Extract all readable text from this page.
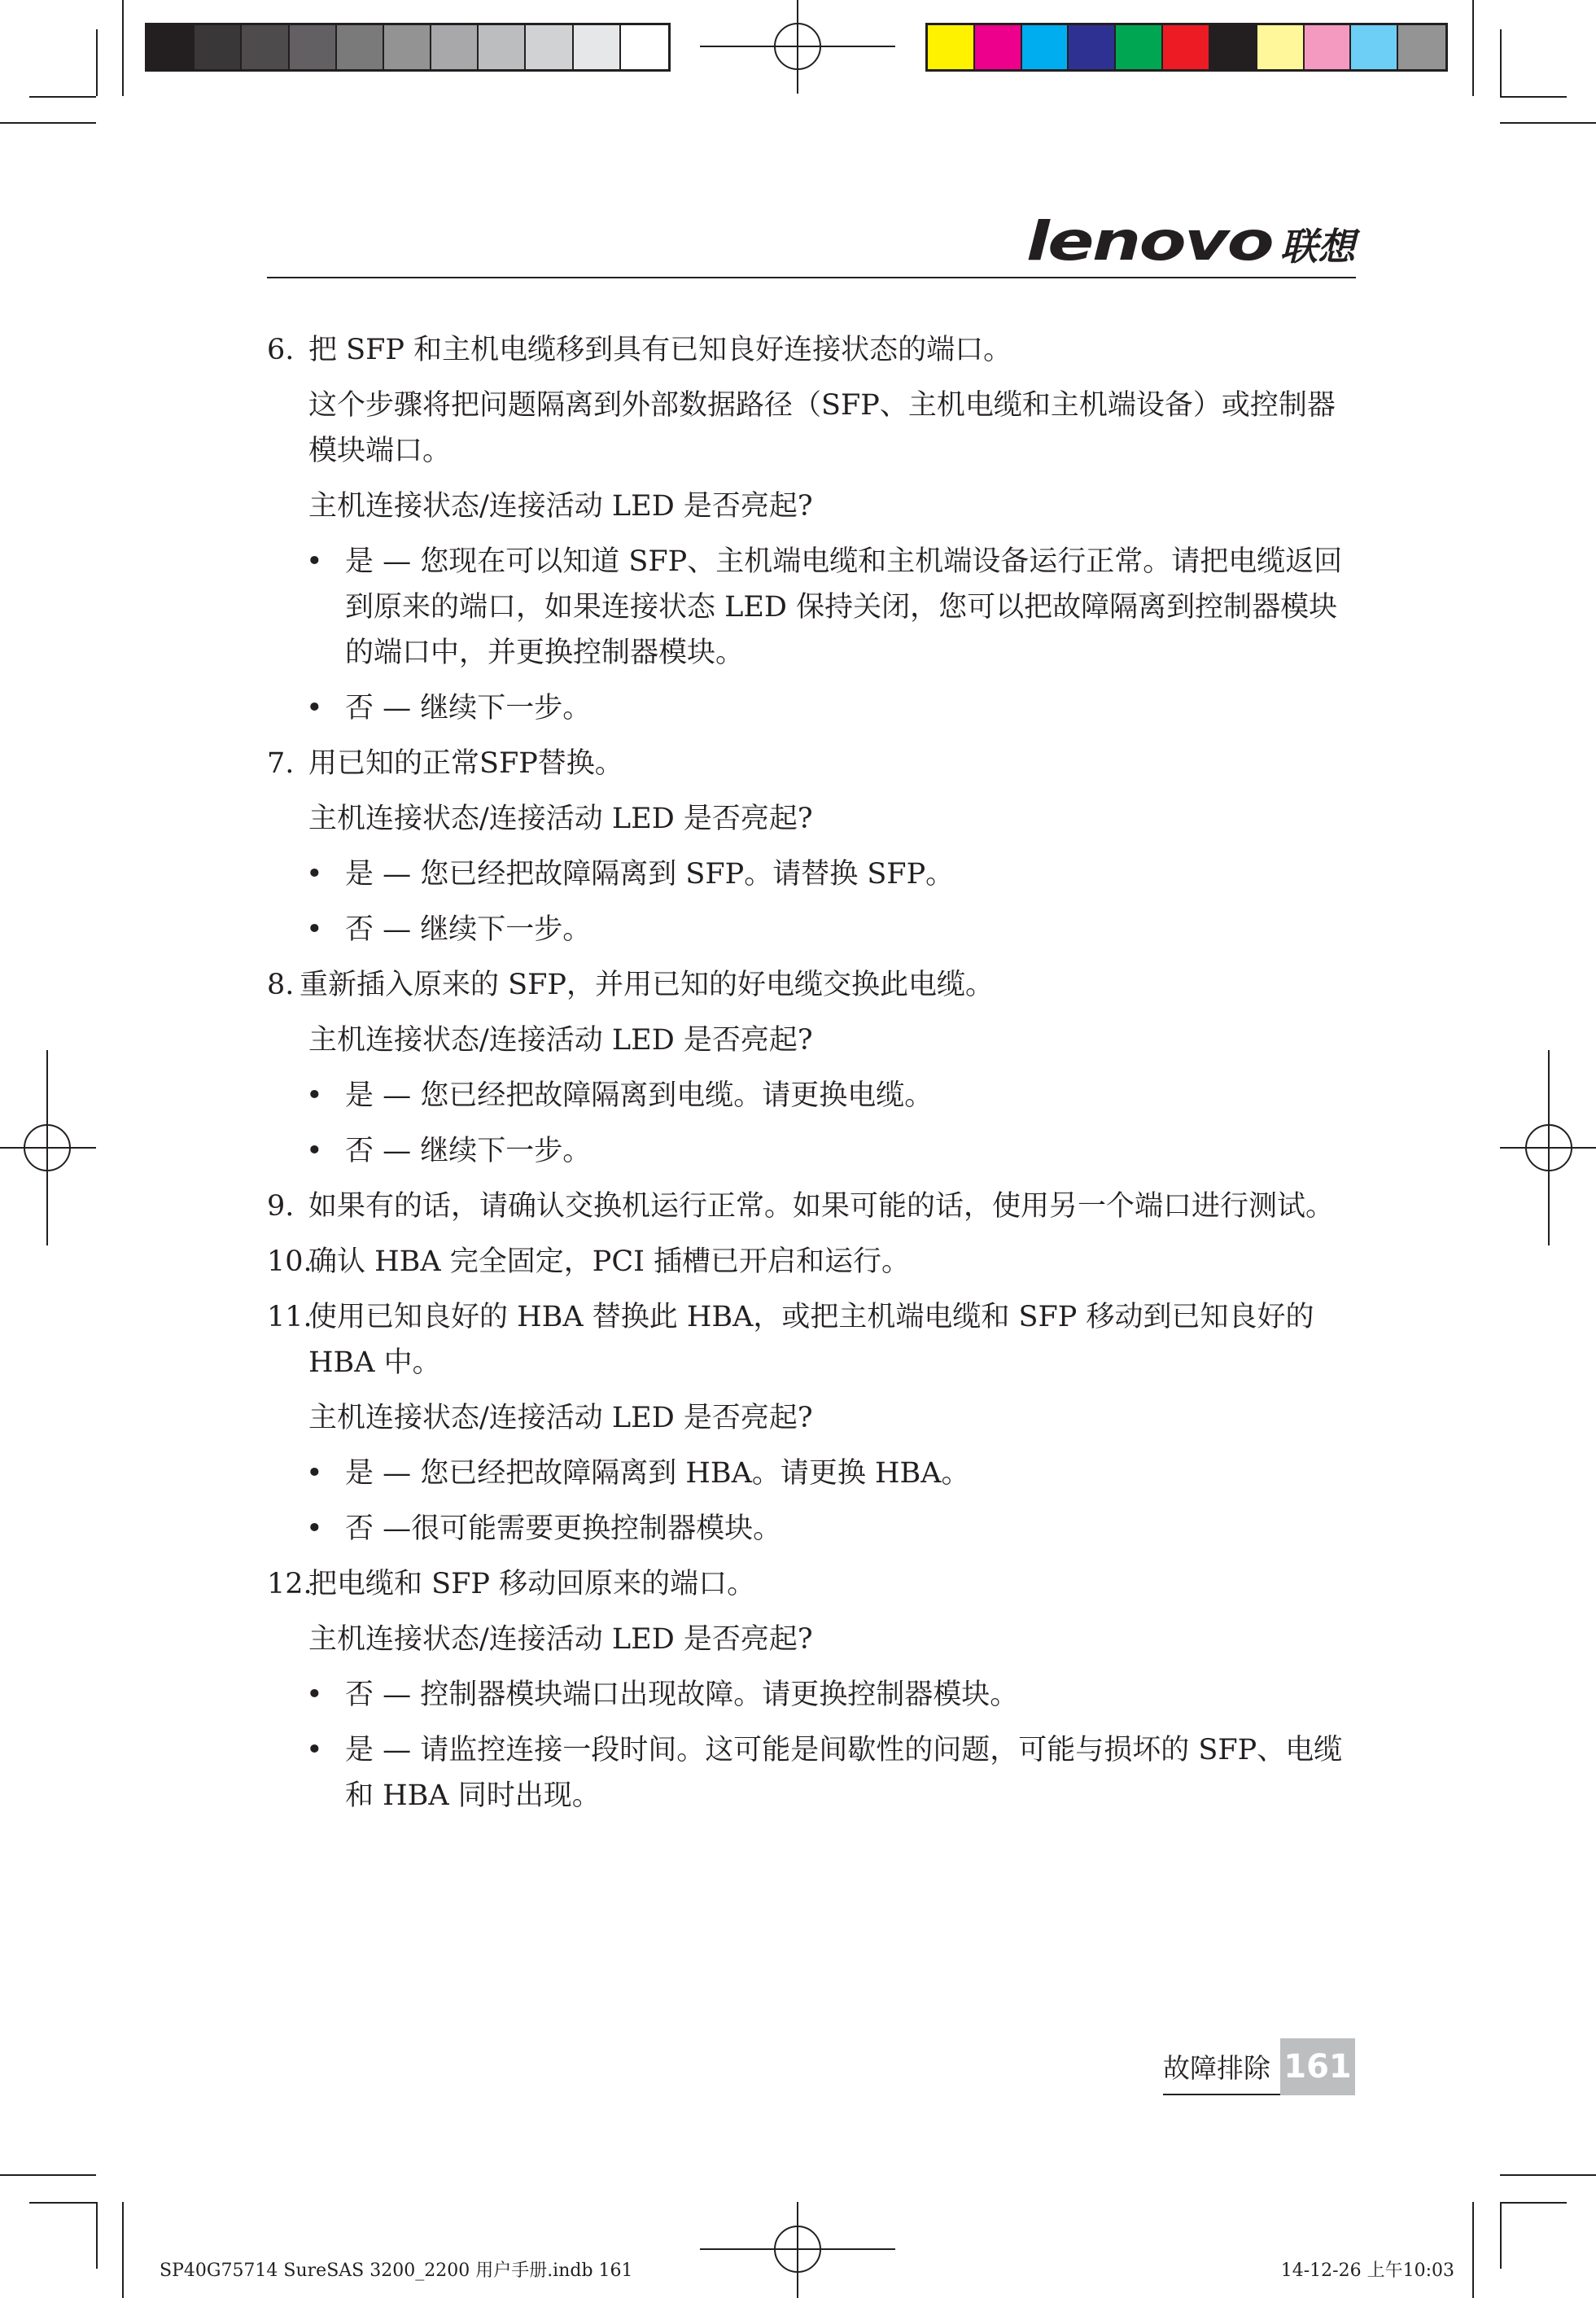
lenovo 联想
6. 把 SFP 和主机电缆移到具有已知良好连接状态的端口。
这个步骤将把问题隔离到外部数据路径（SFP、主机电缆和主机端设备）或控制器模块端口。
主机连接状态/连接活动 LED 是否亮起?
• 是 — 您现在可以知道 SFP、主机端电缆和主机端设备运行正常。请把电缆返回到原来的端口，如果连接状态 LED 保持关闭，您可以把故障隔离到控制器模块的端口中，并更换控制器模块。
• 否 — 继续下一步。
7. 用已知的正常SFP替换。
主机连接状态/连接活动 LED 是否亮起?
• 是 — 您已经把故障隔离到 SFP。请替换 SFP。
• 否 — 继续下一步。
8. 重新插入原来的 SFP，并用已知的好电缆交换此电缆。
主机连接状态/连接活动 LED 是否亮起?
• 是 — 您已经把故障隔离到电缆。请更换电缆。
• 否 — 继续下一步。
9. 如果有的话，请确认交换机运行正常。如果可能的话，使用另一个端口进行测试。
10.
确认 HBA 完全固定，PCI 插槽已开启和运行。
11.
使用已知良好的 HBA 替换此 HBA，或把主机端电缆和 SFP 移动到已知良好的 HBA 中。
主机连接状态/连接活动 LED 是否亮起?
• 是 — 您已经把故障隔离到 HBA。请更换 HBA。
• 否 —很可能需要更换控制器模块。
12.
把电缆和 SFP 移动回原来的端口。
主机连接状态/连接活动 LED 是否亮起?
• 否 — 控制器模块端口出现故障。请更换控制器模块。
• 是 — 请监控连接一段时间。这可能是间歇性的问题，可能与损坏的 SFP、电缆和 HBA 同时出现。
故障排除 161
SP40G75714 SureSAS 3200_2200 用户手册.indb 161	14-12-26 上午10:03
